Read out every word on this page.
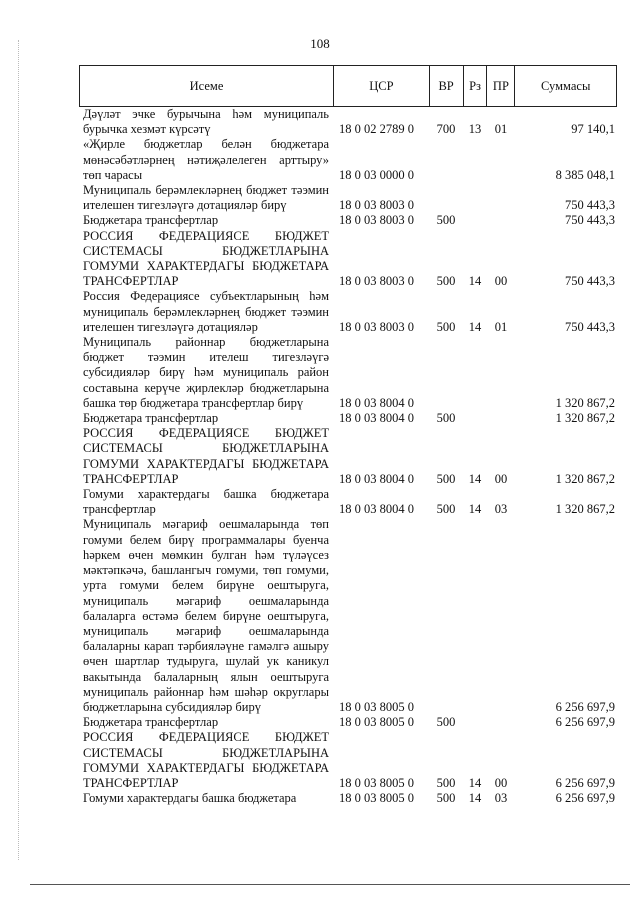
108
Исеме	ЦСР	ВР	Рз ПР	Суммасы
Дәүләт эчке бурычына һәм муниципаль бурычка хезмәт күрсәтү	18 0 02 2789 0	700	13	01	97 140,1
«Җирле бюджетлар белән бюджетара мөнәсәбәтләрнең нәтиҗәлелеген арттыру» төп чарасы	18 0 03 0000 0	8 385 048,1
Муниципаль берәмлекләрнең бюджет тәэмин ителешен тигезләүгә дотацияләр бирү	18 0 03 8003 0	750 443,3
Бюджетара трансфертлар	18 0 03 8003 0	500	750 443,3
РОССИЯ ФЕДЕРАЦИЯСЕ БЮДЖЕТ СИСТЕМАСЫ БЮДЖЕТЛАРЫНА ГОМУМИ ХАРАКТЕРДАГЫ БЮДЖЕТАРА ТРАНСФЕРТЛАР	18 0 03 8003 0	500	14	00	750 443,3
Россия Федерациясе субъектларының һәм муниципаль берәмлекләрнең бюджет тәэмин ителешен тигезләүгә дотацияләр	18 0 03 8003 0	500	14	01	750 443,3
Муниципаль районнар бюджетларына бюджет тәэмин ителеш тигезләүгә субсидияләр бирү һәм муниципаль район составына керүче җирлекләр бюджетларына башка төр бюджетара трансфертлар бирү	18 0 03 8004 0	1 320 867,2
Бюджетара трансфертлар	18 0 03 8004 0	500	1 320 867,2
РОССИЯ ФЕДЕРАЦИЯСЕ БЮДЖЕТ СИСТЕМАСЫ БЮДЖЕТЛАРЫНА ГОМУМИ ХАРАКТЕРДАГЫ БЮДЖЕТАРА ТРАНСФЕРТЛАР	18 0 03 8004 0	500	14	00	1 320 867,2
Гомуми характердагы башка бюджетара трансфертлар	18 0 03 8004 0	500	14	03	1 320 867,2
Муниципаль мәгариф оешмаларында төп гомуми белем бирү программалары буенча һәркем өчен мөмкин булган һәм түләүсез мәктәпкәчә, башлангыч гомуми, төп гомуми, урта гомуми белем бирүне оештыруга, муниципаль мәгариф оешмаларында балаларга өстәмә белем бирүне оештыруга, муниципаль мәгариф оешмаларында балаларны карап тәрбияләүне гамәлгә ашыру өчен шартлар тудыруга, шулай ук каникул вакытында балаларның ялын оештыруга муниципаль районнар һәм шәһәр округлары бюджетларына субсидияләр бирү	18 0 03 8005 0	6 256 697,9
Бюджетара трансфертлар	18 0 03 8005 0	500	6 256 697,9
РОССИЯ ФЕДЕРАЦИЯСЕ БЮДЖЕТ СИСТЕМАСЫ БЮДЖЕТЛАРЫНА ГОМУМИ ХАРАКТЕРДАГЫ БЮДЖЕТАРА ТРАНСФЕРТЛАР	18 0 03 8005 0	500	14	00	6 256 697,9
Гомуми характердагы башка бюджетара	18 0 03 8005 0	500	14	03	6 256 697,9
